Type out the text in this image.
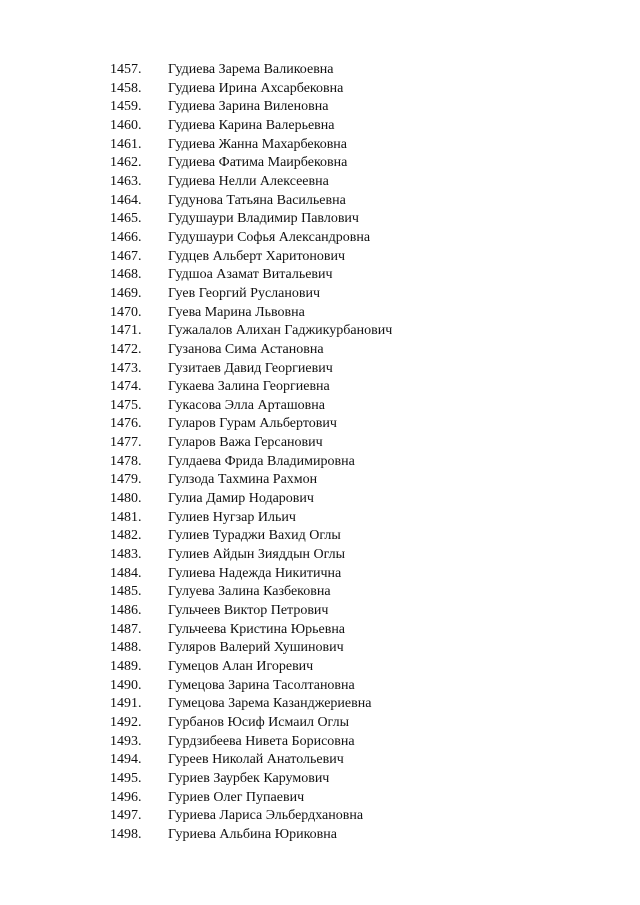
1457. Гудиева Зарема Валикоевна
1458. Гудиева Ирина Ахсарбековна
1459. Гудиева Зарина Виленовна
1460. Гудиева Карина Валерьевна
1461. Гудиева Жанна Махарбековна
1462. Гудиева Фатима Маирбековна
1463. Гудиева Нелли Алексеевна
1464. Гудунова Татьяна Васильевна
1465. Гудушаури Владимир Павлович
1466. Гудушаури Софья Александровна
1467. Гудцев Альберт Харитонович
1468. Гудшоа Азамат Витальевич
1469. Гуев Георгий Русланович
1470. Гуева Марина Львовна
1471. Гужалалов Алихан Гаджикурбанович
1472. Гузанова Сима Астановна
1473. Гузитаев Давид Георгиевич
1474. Гукаева Залина Георгиевна
1475. Гукасова Элла Арташовна
1476. Гуларов Гурам Альбертович
1477. Гуларов Важа Герсанович
1478. Гулдаева Фрида Владимировна
1479. Гулзода Тахмина Рахмон
1480. Гулиа Дамир Нодарович
1481. Гулиев Нугзар Ильич
1482. Гулиев Тураджи Вахид Оглы
1483. Гулиев Айдын Зияддын Оглы
1484. Гулиева Надежда Никитична
1485. Гулуева Залина Казбековна
1486. Гульчеев Виктор Петрович
1487. Гульчеева Кристина Юрьевна
1488. Гуляров Валерий Хушинович
1489. Гумецов Алан Игоревич
1490. Гумецова Зарина Тасолтановна
1491. Гумецова Зарема Казанджериевна
1492. Гурбанов Юсиф Исмаил Оглы
1493. Гурдзибеева Нивета Борисовна
1494. Гуреев Николай Анатольевич
1495. Гуриев Заурбек Карумович
1496. Гуриев Олег Пупаевич
1497. Гуриева Лариса Эльбердхановна
1498. Гуриева Альбина Юриковна
